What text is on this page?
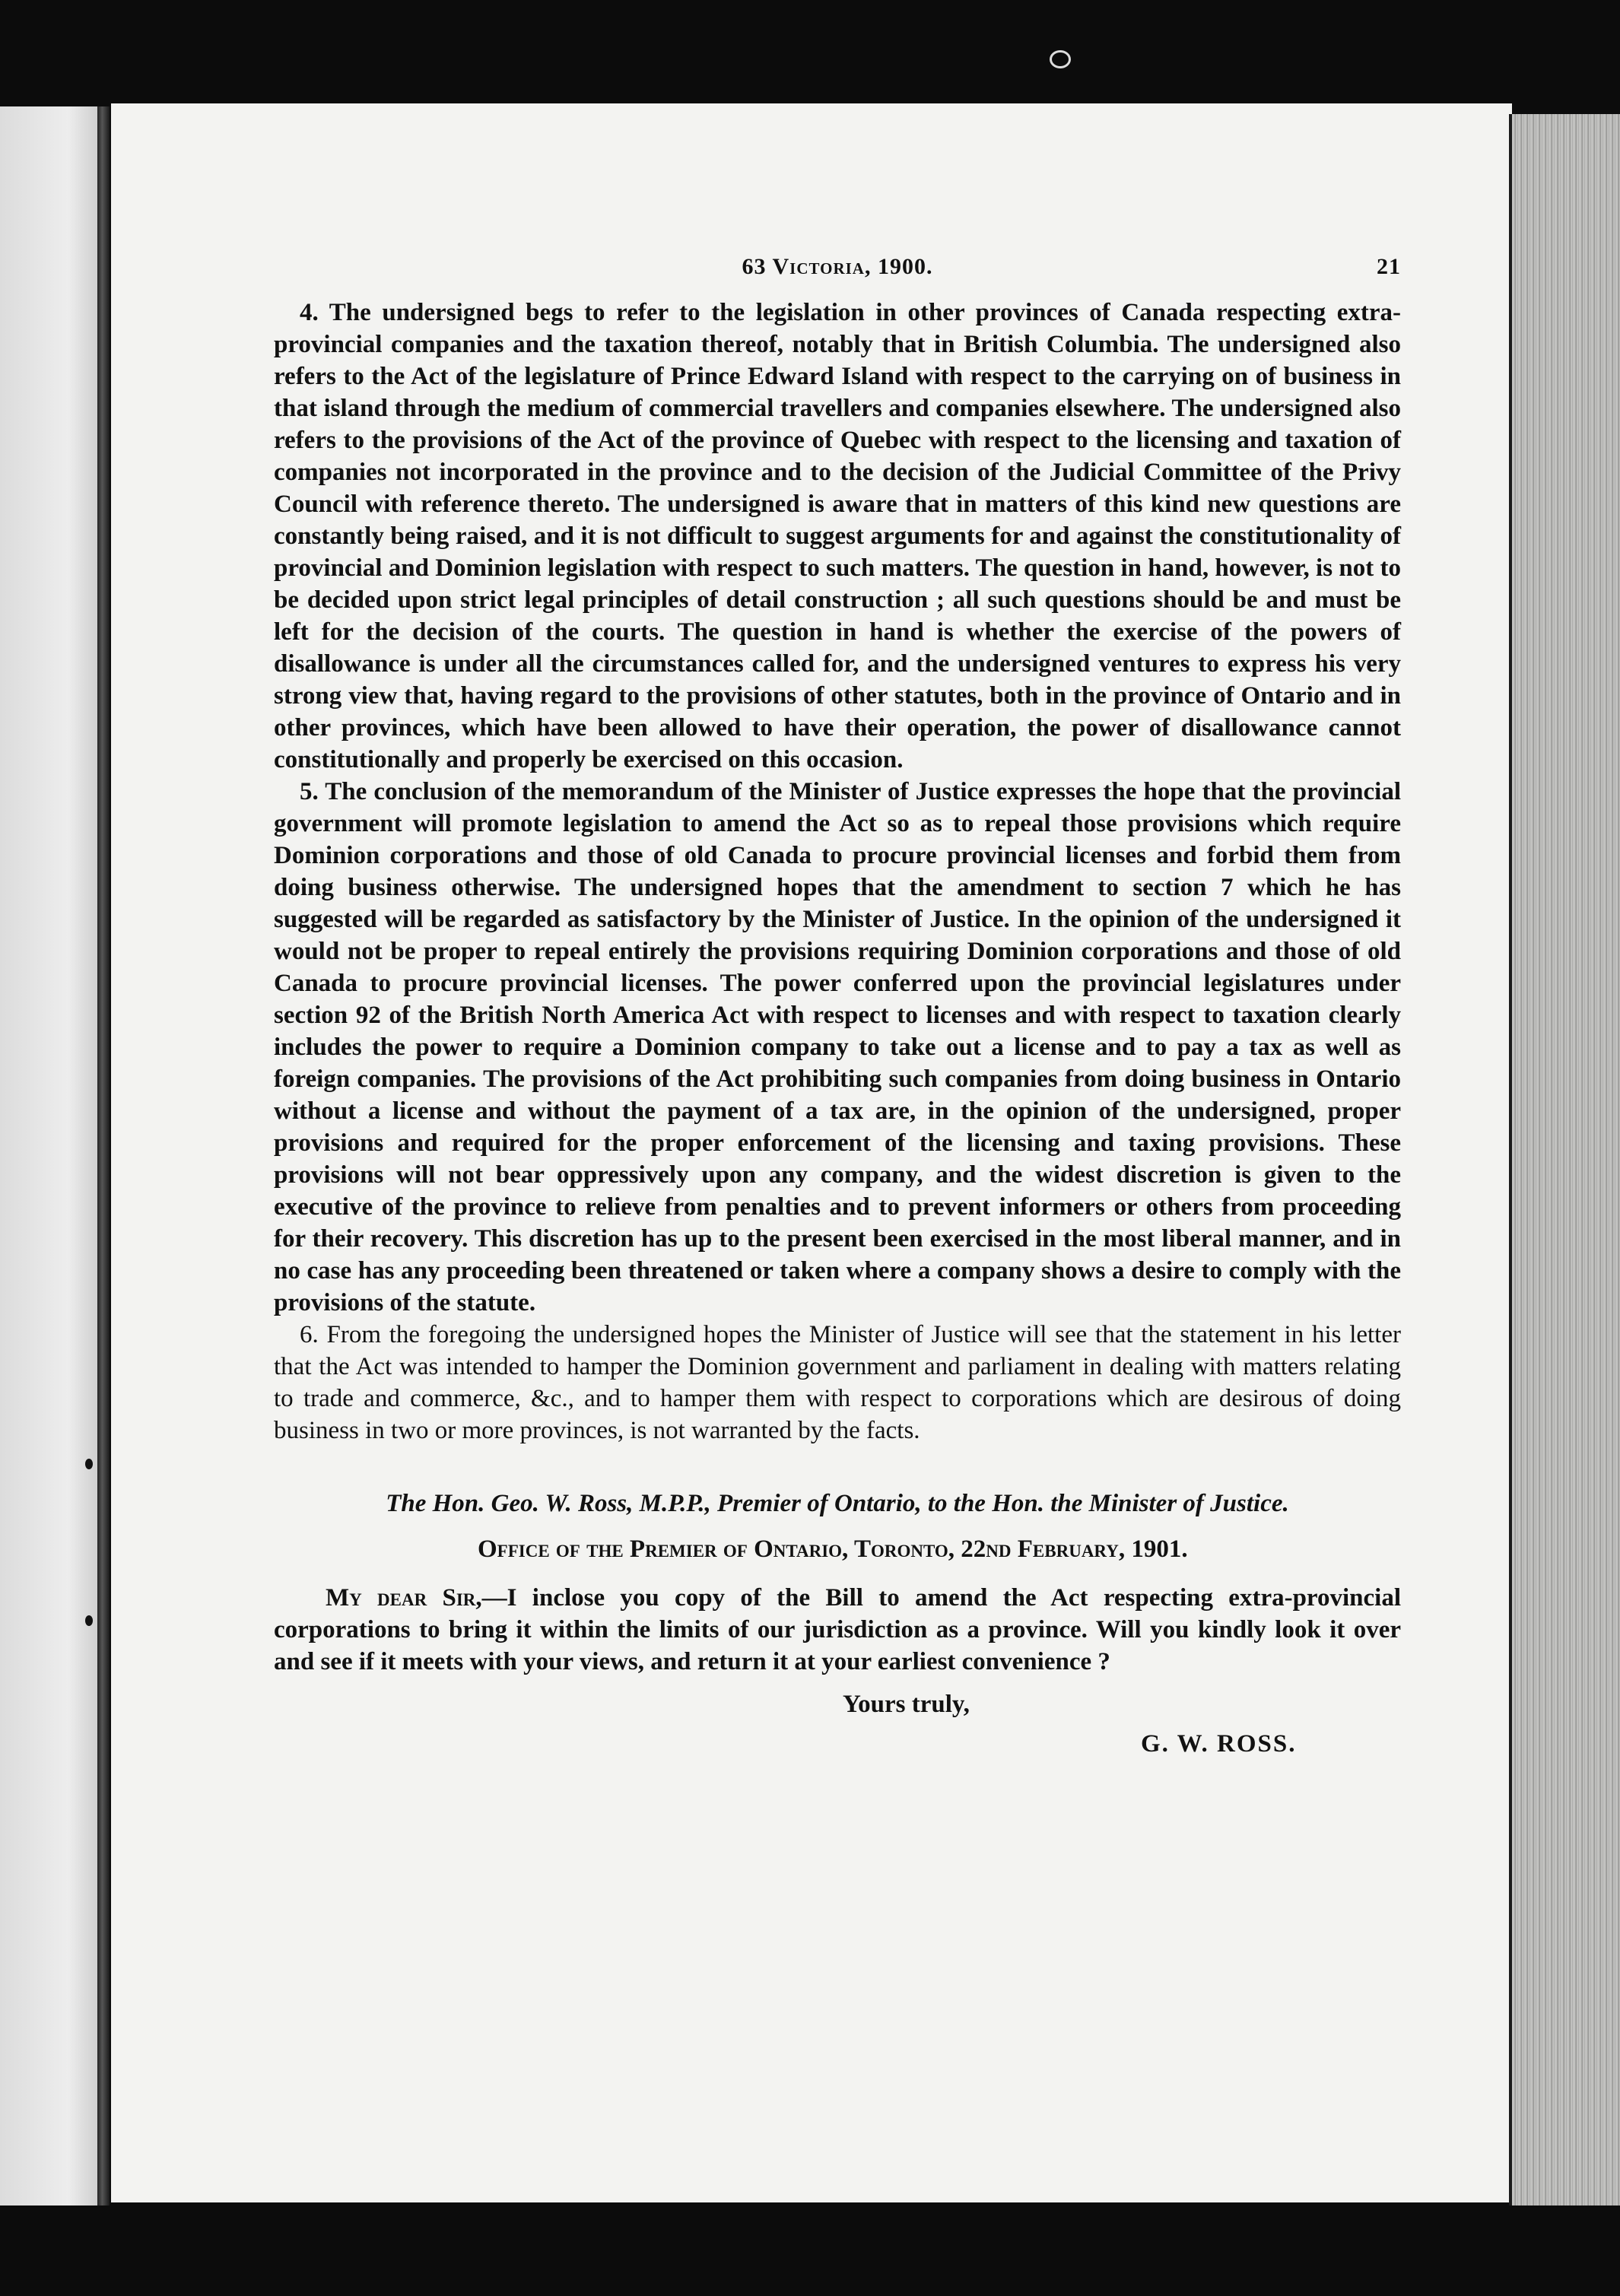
63 Victoria, 1900.	21

4. The undersigned begs to refer to the legislation in other provinces of Canada respecting extra-provincial companies and the taxation thereof, notably that in British Columbia. The undersigned also refers to the Act of the legislature of Prince Edward Island with respect to the carrying on of business in that island through the medium of commercial travellers and companies elsewhere. The undersigned also refers to the provisions of the Act of the province of Quebec with respect to the licensing and taxation of companies not incorporated in the province and to the decision of the Judicial Committee of the Privy Council with reference thereto. The undersigned is aware that in matters of this kind new questions are constantly being raised, and it is not difficult to suggest arguments for and against the constitutionality of provincial and Dominion legislation with respect to such matters. The question in hand, however, is not to be decided upon strict legal principles of detail construction ; all such questions should be and must be left for the decision of the courts. The question in hand is whether the exercise of the powers of disallowance is under all the circumstances called for, and the undersigned ventures to express his very strong view that, having regard to the provisions of other statutes, both in the province of Ontario and in other provinces, which have been allowed to have their operation, the power of disallowance cannot constitutionally and properly be exercised on this occasion.

5. The conclusion of the memorandum of the Minister of Justice expresses the hope that the provincial government will promote legislation to amend the Act so as to repeal those provisions which require Dominion corporations and those of old Canada to procure provincial licenses and forbid them from doing business otherwise. The undersigned hopes that the amendment to section 7 which he has suggested will be regarded as satisfactory by the Minister of Justice. In the opinion of the undersigned it would not be proper to repeal entirely the provisions requiring Dominion corporations and those of old Canada to procure provincial licenses. The power conferred upon the provincial legislatures under section 92 of the British North America Act with respect to licenses and with respect to taxation clearly includes the power to require a Dominion company to take out a license and to pay a tax as well as foreign companies. The provisions of the Act prohibiting such companies from doing business in Ontario without a license and without the payment of a tax are, in the opinion of the undersigned, proper provisions and required for the proper enforcement of the licensing and taxing provisions. These provisions will not bear oppressively upon any company, and the widest discretion is given to the executive of the province to relieve from penalties and to prevent informers or others from proceeding for their recovery. This discretion has up to the present been exercised in the most liberal manner, and in no case has any proceeding been threatened or taken where a company shows a desire to comply with the provisions of the statute.

6. From the foregoing the undersigned hopes the Minister of Justice will see that the statement in his letter that the Act was intended to hamper the Dominion government and parliament in dealing with matters relating to trade and commerce, &c., and to hamper them with respect to corporations which are desirous of doing business in two or more provinces, is not warranted by the facts.

The Hon. Geo. W. Ross, M.P.P., Premier of Ontario, to the Hon. the Minister of Justice.

Office of the Premier of Ontario, Toronto, 22nd February, 1901.

My dear Sir,—I inclose you copy of the Bill to amend the Act respecting extra-provincial corporations to bring it within the limits of our jurisdiction as a province. Will you kindly look it over and see if it meets with your views, and return it at your earliest convenience ?

Yours truly,

G. W. ROSS.
